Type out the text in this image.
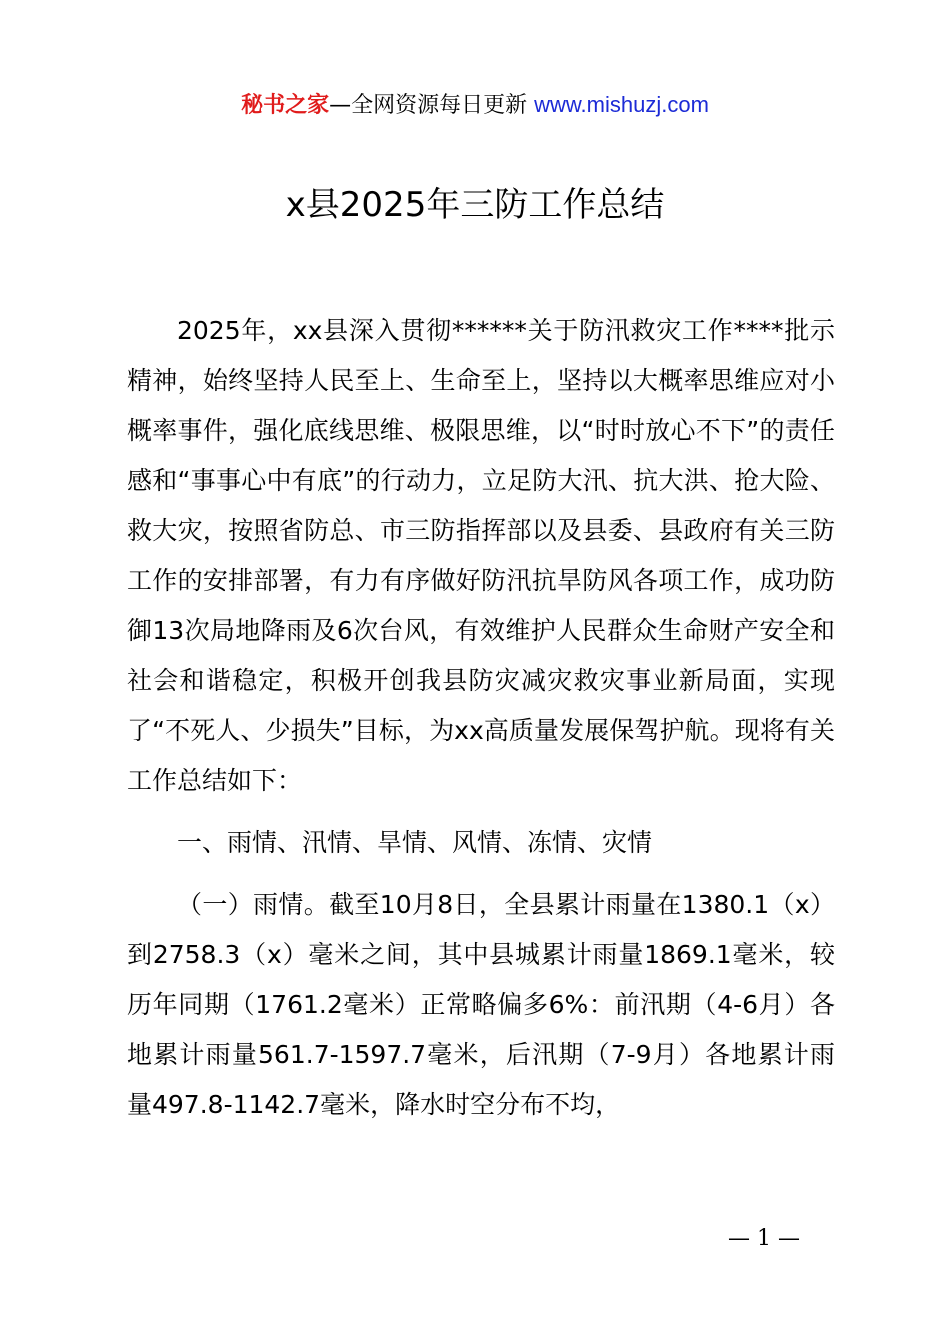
秘书之家—全网资源每日更新 www.mishuzj.com
x县2025年三防工作总结

2025年，xx县深入贯彻******关于防汛救灾工作****批示精神，始终坚持人民至上、生命至上，坚持以大概率思维应对小概率事件，强化底线思维、极限思维，以“时时放心不下”的责任感和“事事心中有底”的行动力，立足防大汛、抗大洪、抢大险、救大灾，按照省防总、市三防指挥部以及县委、县政府有关三防工作的安排部署，有力有序做好防汛抗旱防风各项工作，成功防御13次局地降雨及6次台风，有效维护人民群众生命财产安全和社会和谐稳定，积极开创我县防灾减灾救灾事业新局面，实现了“不死人、少损失”目标，为xx高质量发展保驾护航。现将有关工作总结如下：

一、雨情、汛情、旱情、风情、冻情、灾情

（一）雨情。截至10月8日，全县累计雨量在1380.1（x）到2758.3（x）毫米之间，其中县城累计雨量1869.1毫米，较历年同期（1761.2毫米）正常略偏多6%：前汛期（4-6月）各地累计雨量561.7-1597.7毫米，后汛期（7-9月）各地累计雨量497.8-1142.7毫米，降水时空分布不均，

— 1 —
